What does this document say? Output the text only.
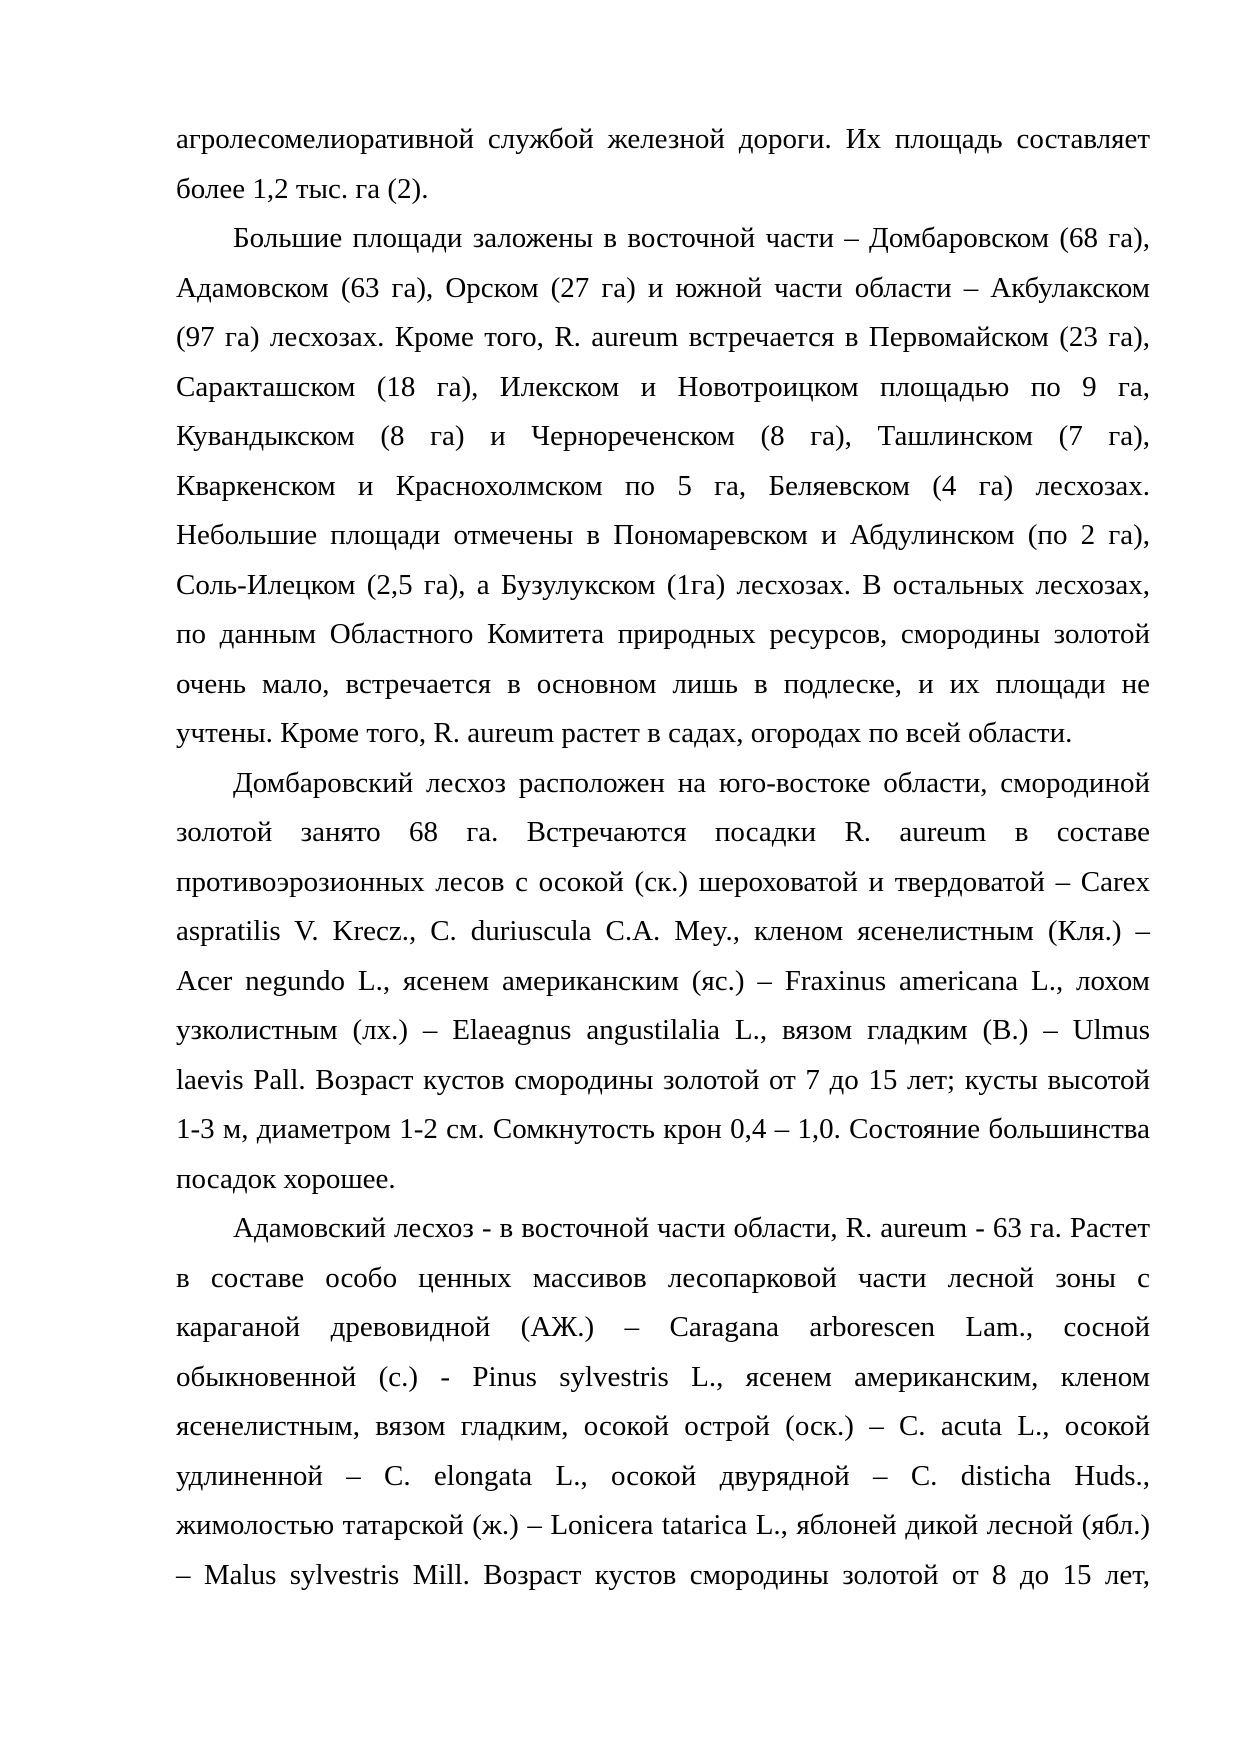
агролесомелиоративной службой железной дороги. Их площадь составляет
более 1,2 тыс. га (2).

Большие площади заложены в восточной части – Домбаровском (68 га),
Адамовском (63 га), Орском (27 га) и южной части области – Акбулакском
(97 га) лесхозах. Кроме того, R. aureum встречается в Первомайском (23 га),
Саракташском (18 га), Илекском и Новотроицком площадью по 9 га,
Кувандыкском (8 га) и Чернореченском (8 га), Ташлинском (7 га),
Кваркенском и Краснохолмском по 5 га, Беляевском (4 га) лесхозах.
Небольшие площади отмечены в Пономаревском и Абдулинском (по 2 га),
Соль-Илецком (2,5 га), а Бузулукском (1га) лесхозах. В остальных лесхозах,
по данным Областного Комитета природных ресурсов, смородины золотой
очень мало, встречается в основном лишь в подлеске, и их площади не
учтены. Кроме того, R. aureum растет в садах, огородах по всей области.

Домбаровский лесхоз расположен на юго-востоке области, смородиной
золотой занято 68 га. Встречаются посадки R. aureum в составе
противоэрозионных лесов с осокой (ск.) шероховатой и твердоватой – Carex
aspratilis V. Krecz., C. duriuscula C.A. Mey., кленом ясенелистным (Кля.) –
Acer negundo L., ясенем американским (яс.) – Fraxinus americana L., лохом
узколистным (лх.) – Elaeagnus angustilalia L., вязом гладким (В.) – Ulmus
laevis Pall. Возраст кустов смородины золотой от 7 до 15 лет; кусты высотой
1-3 м, диаметром 1-2 см. Сомкнутость крон 0,4 – 1,0. Состояние большинства
посадок хорошее.

Адамовский лесхоз - в восточной части области, R. aureum - 63 га. Растет
в составе особо ценных массивов лесопарковой части лесной зоны с
караганой древовидной (АЖ.) – Caragana arborescen Lam., сосной
обыкновенной (с.) - Pinus sylvestris L., ясенем американским, кленом
ясенелистным, вязом гладким, осокой острой (оск.) – C. acuta L., осокой
удлиненной – C. elongata L., осокой двурядной – C. disticha Huds.,
жимолостью татарской (ж.) – Lonicera tatarica L., яблоней дикой лесной (ябл.)
– Malus sylvestris Mill. Возраст кустов смородины золотой от 8 до 15 лет,
